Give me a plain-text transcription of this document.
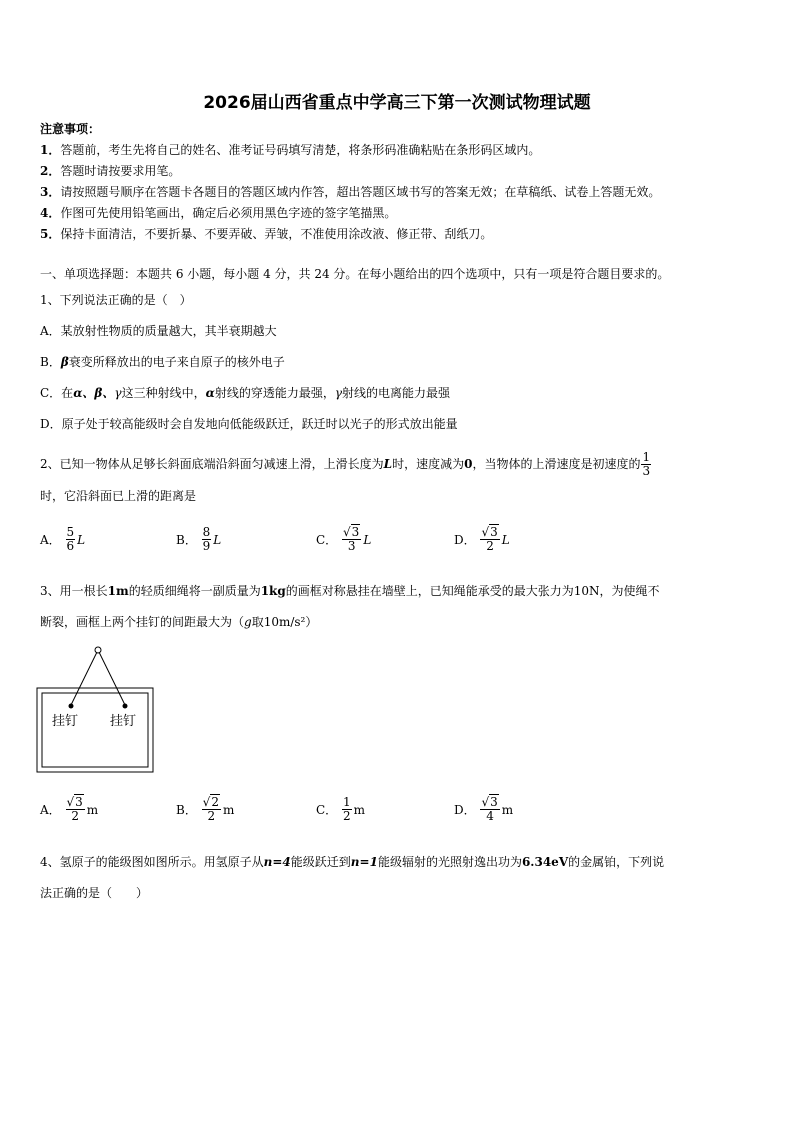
2026届山西省重点中学高三下第一次测试物理试题
注意事项：
1．答题前，考生先将自己的姓名、准考证号码填写清楚，将条形码准确粘贴在条形码区域内。
2．答题时请按要求用笔。
3．请按照题号顺序在答题卡各题目的答题区域内作答，超出答题区域书写的答案无效；在草稿纸、试卷上答题无效。
4．作图可先使用铅笔画出，确定后必须用黑色字迹的签字笔描黑。
5．保持卡面清洁，不要折暴、不要弄破、弄皱，不准使用涂改液、修正带、刮纸刀。
一、单项选择题：本题共 6 小题，每小题 4 分，共 24 分。在每小题给出的四个选项中，只有一项是符合题目要求的。
1、下列说法正确的是（　）
A．某放射性物质的质量越大，其半衰期越大
B．β衰变所释放出的电子来自原子的核外电子
C．在α、β、γ这三种射线中，α射线的穿透能力最强，γ射线的电离能力最强
D．原子处于较高能级时会自发地向低能级跃迁，跃迁时以光子的形式放出能量
2、已知一物体从足够长斜面底端沿斜面匀减速上滑，上滑长度为 L 时，速度减为 0 ，当物体的上滑速度是初速度的 $\frac{1}{3}$
时，它沿斜面已上滑的距离是
A． $\frac{5}{6}$ L	B． $\frac{8}{9}$ L	C． $\frac{√3}{3}$ L	D． $\frac{√3}{2}$ L
3、用一根长1m的轻质细绳将一副质量为1kg的画框对称悬挂在墙壁上，已知绳能承受的最大张力为10N，为使绳不
断裂，画框上两个挂钉的间距最大为（g取10m/s²）
挂钉 挂钉
A． $\frac{√3}{2}$ m	B． $\frac{√2}{2}$ m	C． $\frac{1}{2}$ m	D． $\frac{√3}{4}$ m
4、氢原子的能级图如图所示。用氢原子从n=4能级跃迁到n=1能级辐射的光照射逸出功为6.34eV的金属铂，下列说
法正确的是（　　）
